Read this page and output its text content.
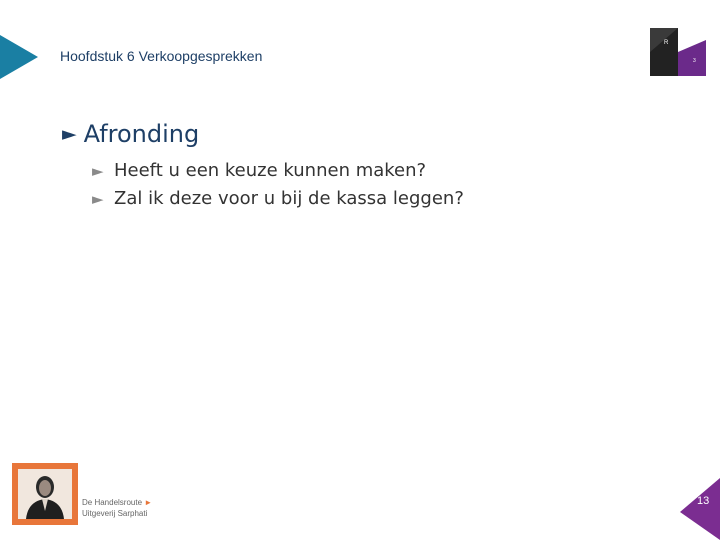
Hoofdstuk 6 Verkoopgesprekken
R
3
► Afronding
► Heeft u een keuze kunnen maken?
► Zal ik deze voor u bij de kassa leggen?
De Handelsroute ►
Uitgeverij Sarphati
13
